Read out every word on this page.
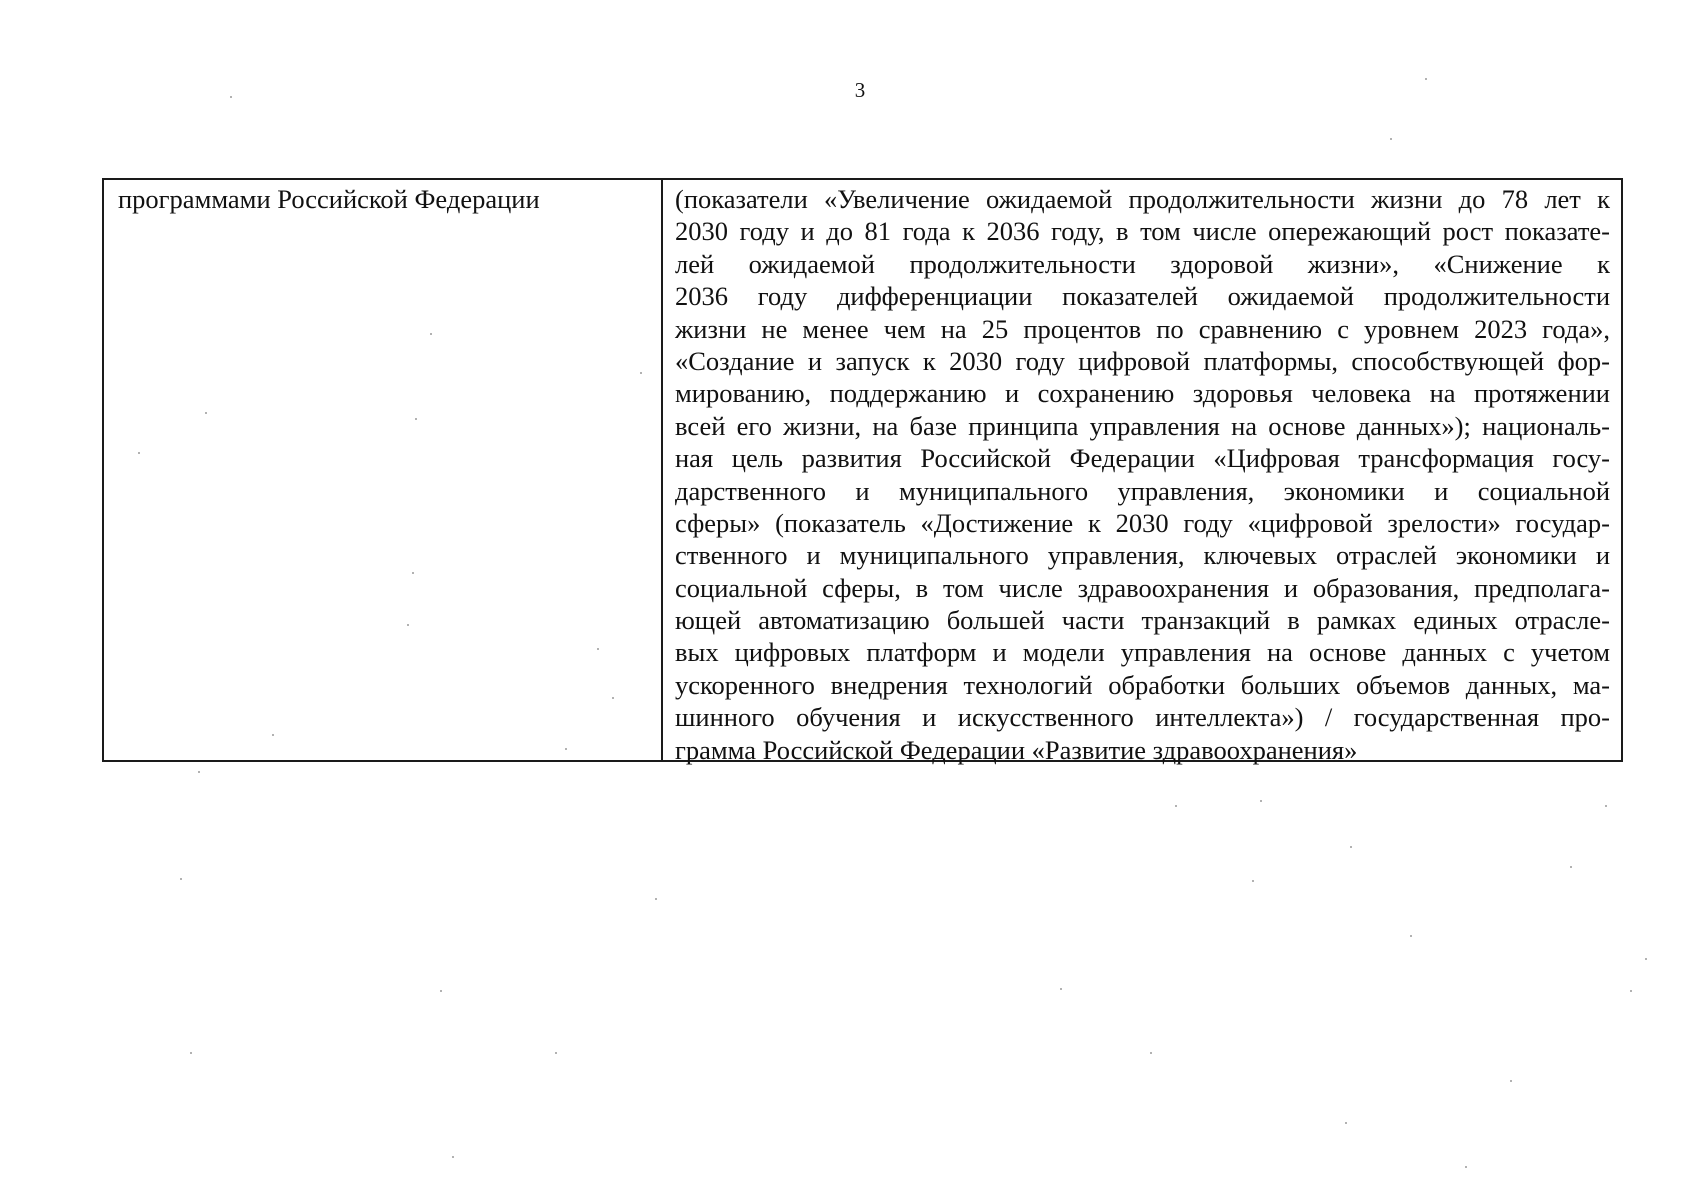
3
программами Российской Федерации	(показатели «Увеличение ожидаемой продолжительности жизни до 78 лет к
2030 году и до 81 года к 2036 году, в том числе опережающий рост показате-
лей ожидаемой продолжительности здоровой жизни», «Снижение к
2036 году дифференциации показателей ожидаемой продолжительности
жизни не менее чем на 25 процентов по сравнению с уровнем 2023 года»,
«Создание и запуск к 2030 году цифровой платформы, способствующей фор-
мированию, поддержанию и сохранению здоровья человека на протяжении
всей его жизни, на базе принципа управления на основе данных»); националь-
ная цель развития Российской Федерации «Цифровая трансформация госу-
дарственного и муниципального управления, экономики и социальной
сферы» (показатель «Достижение к 2030 году «цифровой зрелости» государ-
ственного и муниципального управления, ключевых отраслей экономики и
социальной сферы, в том числе здравоохранения и образования, предполага-
ющей автоматизацию большей части транзакций в рамках единых отрасле-
вых цифровых платформ и модели управления на основе данных с учетом
ускоренного внедрения технологий обработки больших объемов данных, ма-
шинного обучения и искусственного интеллекта») / государственная про-
грамма Российской Федерации «Развитие здравоохранения»
